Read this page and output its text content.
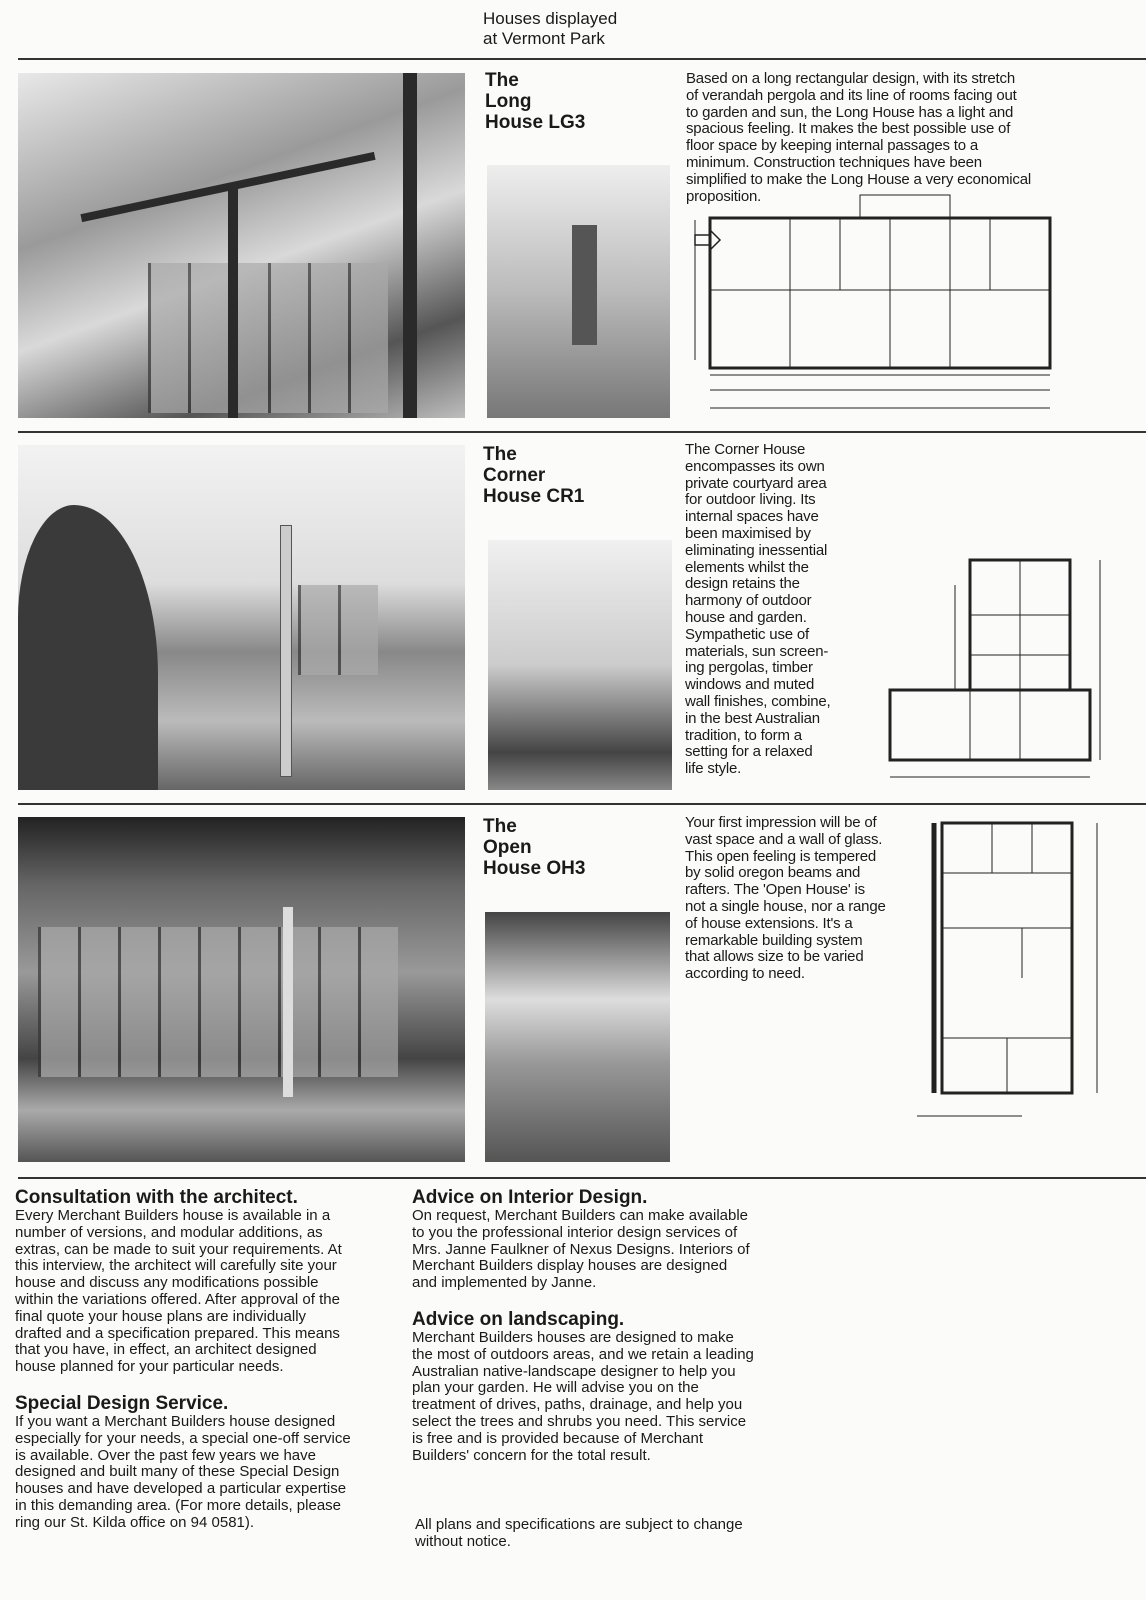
Houses displayed
at Vermont Park
The
Long
House LG3
Based on a long rectangular design, with its stretch
of verandah pergola and its line of rooms facing out
to garden and sun, the Long House has a light and
spacious feeling. It makes the best possible use of
floor space by keeping internal passages to a
minimum. Construction techniques have been
simplified to make the Long House a very economical
proposition.
The
Corner
House CR1
The Corner House
encompasses its own
private courtyard area
for outdoor living. Its
internal spaces have
been maximised by
eliminating inessential
elements whilst the
design retains the
harmony of outdoor
house and garden.
Sympathetic use of
materials, sun screen-
ing pergolas, timber
windows and muted
wall finishes, combine,
in the best Australian
tradition, to form a
setting for a relaxed
life style.
The
Open
House OH3
Your first impression will be of
vast space and a wall of glass.
This open feeling is tempered
by solid oregon beams and
rafters. The 'Open House' is
not a single house, nor a range
of house extensions. It's a
remarkable building system
that allows size to be varied
according to need.
Consultation with the architect.
Every Merchant Builders house is available in a
number of versions, and modular additions, as
extras, can be made to suit your requirements. At
this interview, the architect will carefully site your
house and discuss any modifications possible
within the variations offered. After approval of the
final quote your house plans are individually
drafted and a specification prepared. This means
that you have, in effect, an architect designed
house planned for your particular needs.
Special Design Service.
If you want a Merchant Builders house designed
especially for your needs, a special one-off service
is available. Over the past few years we have
designed and built many of these Special Design
houses and have developed a particular expertise
in this demanding area. (For more details, please
ring our St. Kilda office on 94 0581).
Advice on Interior Design.
On request, Merchant Builders can make available
to you the professional interior design services of
Mrs. Janne Faulkner of Nexus Designs. Interiors of
Merchant Builders display houses are designed
and implemented by Janne.
Advice on landscaping.
Merchant Builders houses are designed to make
the most of outdoors areas, and we retain a leading
Australian native-landscape designer to help you
plan your garden. He will advise you on the
treatment of drives, paths, drainage, and help you
select the trees and shrubs you need. This service
is free and is provided because of Merchant
Builders' concern for the total result.
All plans and specifications are subject to change
without notice.
